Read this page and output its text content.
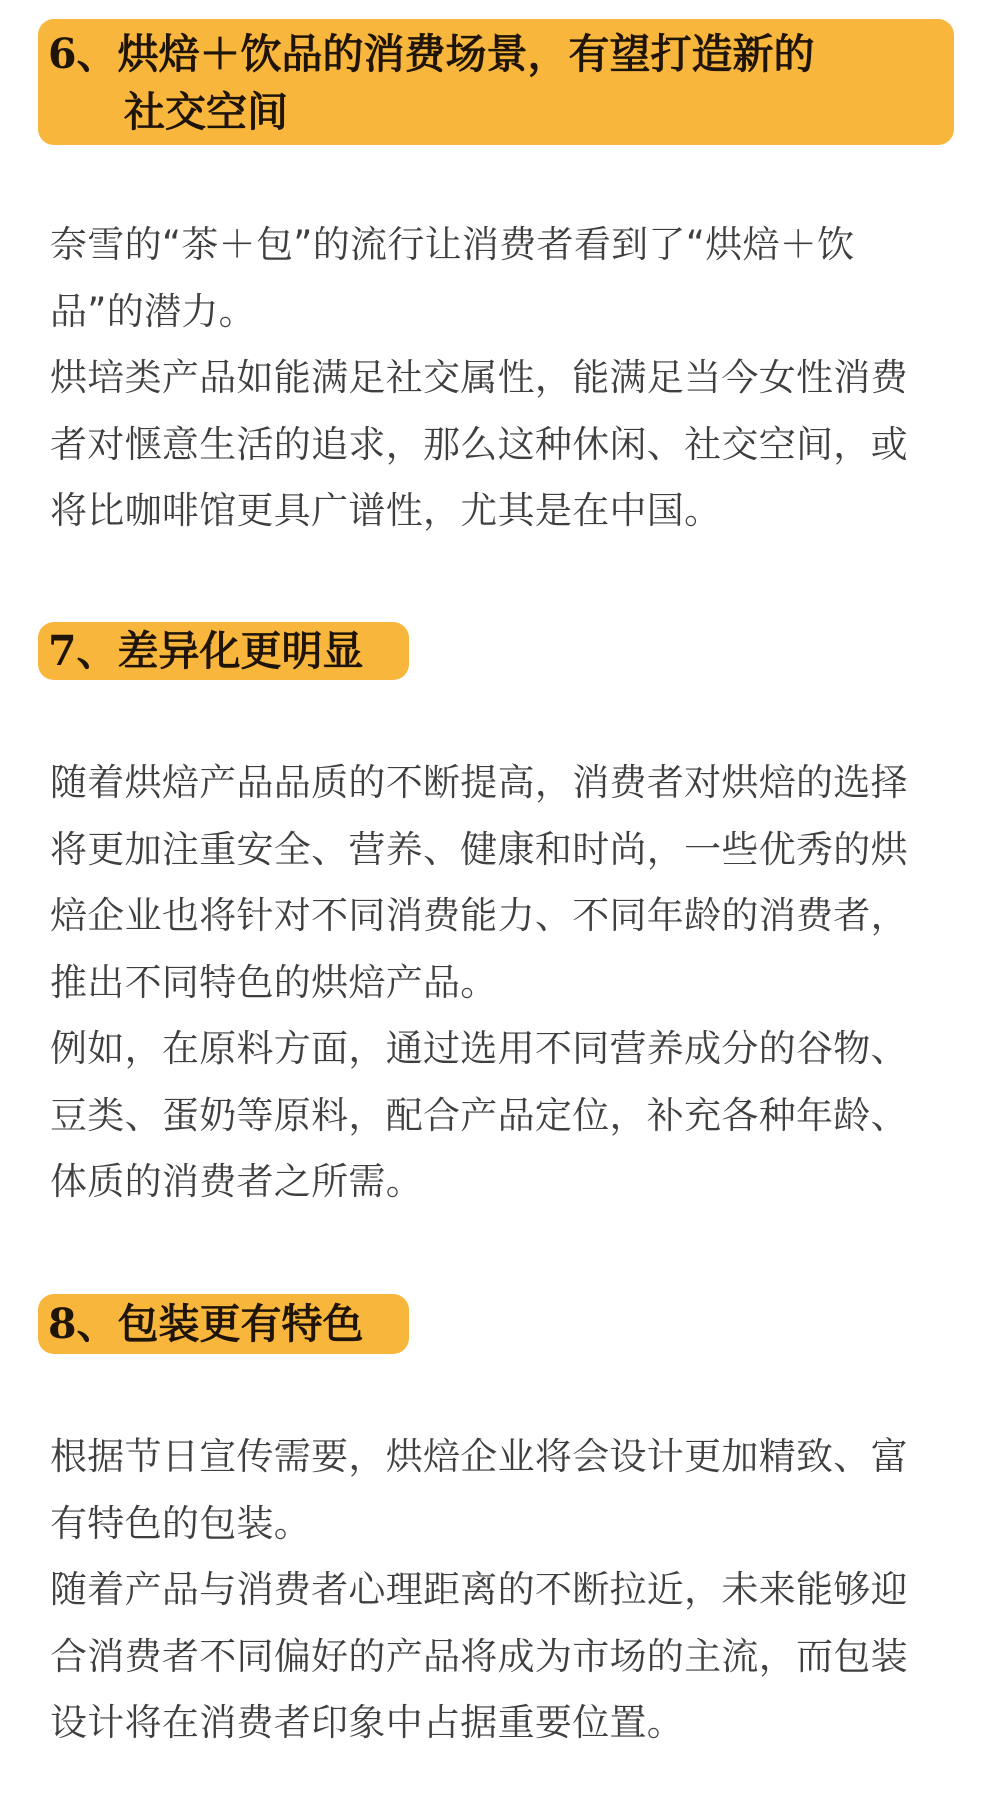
6、烘焙＋饮品的消费场景，有望打造新的
社交空间
奈雪的“茶＋包”的流行让消费者看到了“烘焙＋饮
品”的潜力。
烘培类产品如能满足社交属性，能满足当今女性消费
者对惬意生活的追求，那么这种休闲、社交空间，或
将比咖啡馆更具广谱性，尤其是在中国。
7、差异化更明显
随着烘焙产品品质的不断提高，消费者对烘焙的选择
将更加注重安全、营养、健康和时尚，一些优秀的烘
焙企业也将针对不同消费能力、不同年龄的消费者，
推出不同特色的烘焙产品。
例如，在原料方面，通过选用不同营养成分的谷物、
豆类、蛋奶等原料，配合产品定位，补充各种年龄、
体质的消费者之所需。
8、包装更有特色
根据节日宣传需要，烘焙企业将会设计更加精致、富
有特色的包装。
随着产品与消费者心理距离的不断拉近，未来能够迎
合消费者不同偏好的产品将成为市场的主流，而包装
设计将在消费者印象中占据重要位置。
